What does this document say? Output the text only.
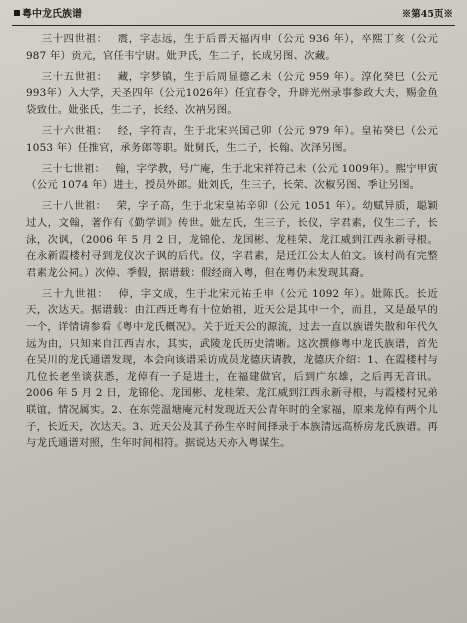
粤中龙氏族谱	※第45页※

三十四世祖： 震，字志远，生于后晋天福丙申（公元 936 年），卒熙丁亥（公元 987 年）贡元，官任韦宁尉。妣尹氏，生二子，长成另图、次藏。

三十五世祖： 藏，字梦镇，生于后周显德乙未（公元 959 年）。淳化癸巳（公元993年）入大学，天圣四年（公元1026年）任宜春令，升辟光州录事参政大夫，赐金鱼袋致仕。妣张氏，生二子，长经、次衲另图。

三十六世祖： 经，字符吉，生于北宋兴国己卯（公元 979 年）。皇祐癸巳（公元 1053 年）任推官，承务郎等职。妣舅氏，生二子，长翰、次泽另图。

三十七世祖： 翰，字学教，号广庵，生于北宋祥符己未（公元 1009年）。熙宁甲寅（公元 1074 年）进士，授员外郎。妣刘氏，生三子，长荣、次椒另图、季让另图。

三十八世祖： 荣，字子高，生于北宋皇祐辛卯（公元 1051 年）。幼赋异质，聪颖过人，文翰，著作有《勤学训》传世。妣左氏，生三子，长仪，字君素，仪生二子，长泳，次讽，（2006 年 5 月 2 日，龙锦伦、龙国彬、龙桂荣、龙江威到江西永新寻根。在永新霞楼村寻到龙仪次子讽的后代。仪，字君素，是迁江公太人伯文。该村尚有完整君素龙公祠。）次倬、季假，据谱载：假经商入粤，但在粤仍未发现其裔。

三十九世祖： 倬，字文成，生于北宋元祐壬申（公元 1092 年）。妣陈氏。长近天，次达天。据谱载：由江西迁粤有十位始祖，近天公是其中一个，而且，又是最早的一个，详情请参看《粤中龙氏概况》。关于近天公的源流，过去一直以族谱失散和年代久远为由，只知来自江西吉水，其实，武陵龙氏历史清晰。这次撰修粤中龙氏族谱，首先在吴川的龙氏通谱发现，本会向该谱采访成员龙德庆请教，龙德庆介绍：1、在霞楼村与几位长老坐谈获悉，龙倬有一子是进士，在福建做官，后到广东雄，之后再无音讯。2006 年 5 月 2 日，龙锦伦、龙国彬、龙桂荣、龙江威到江西永新寻根，与霞楼村兄弟联谊，情况属实。2、在东莞温塘庵元村发现近天公青年时的全家福，原来龙倬有两个儿子，长近天，次达天。3、近天公及其子孙生卒时间择录于本族清远高桥房龙氏族谱。再与龙氏通谱对照，生年时间相符。据说达天亦入粤谋生。
